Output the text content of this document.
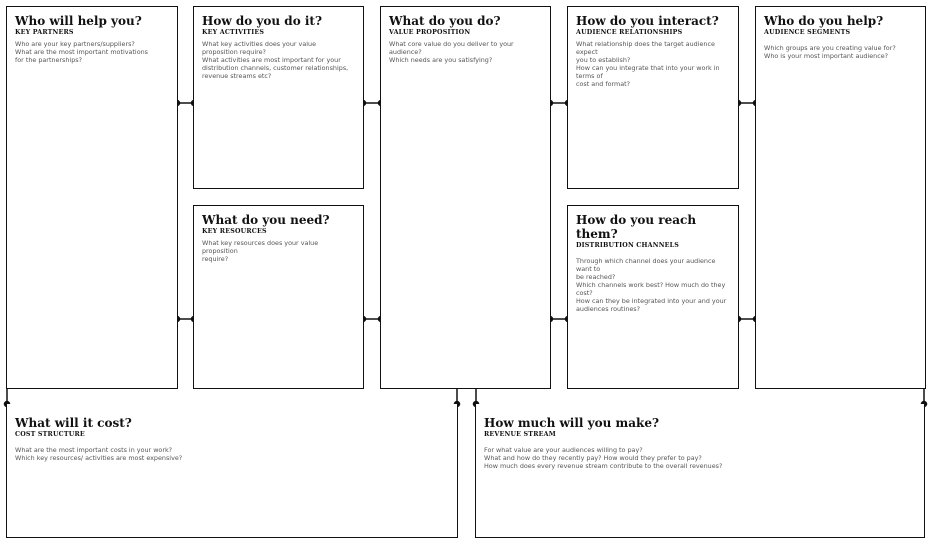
Who will help you?
KEY PARTNERS
Who are your key partners/suppliers?
What are the most important motivations
for the partnerships?
How do you do it?
KEY ACTIVITIES
What key activities does your value
proposition require?
What activities are most important for your
distribution channels, customer relationships,
revenue streams etc?
What do you need?
KEY RESOURCES
What key resources does your value proposition
require?
What do you do?
VALUE PROPOSITION
What core value do you deliver to your audience?
Which needs are you satisfying?
How do you interact?
AUDIENCE RELATIONSHIPS
What relationship does the target audience expect
you to establish?
How can you integrate that into your work in terms of
cost and format?
How do you reach them?
DISTRIBUTION CHANNELS
Through which channel does your audience want to
be reached?
Which channels work best? How much do they cost?
How can they be integrated into your and your
audiences routines?
Who do you help?
AUDIENCE SEGMENTS
Which groups are you creating value for?
Who is your most important audience?
What will it cost?
COST STRUCTURE
What are the most important costs in your work?
Which key resources/ activities are most expensive?
How much will you make?
REVENUE STREAM
For what value are your audiences willing to pay?
What and how do they recently pay? How would they prefer to pay?
How much does every revenue stream contribute to the overall revenues?
